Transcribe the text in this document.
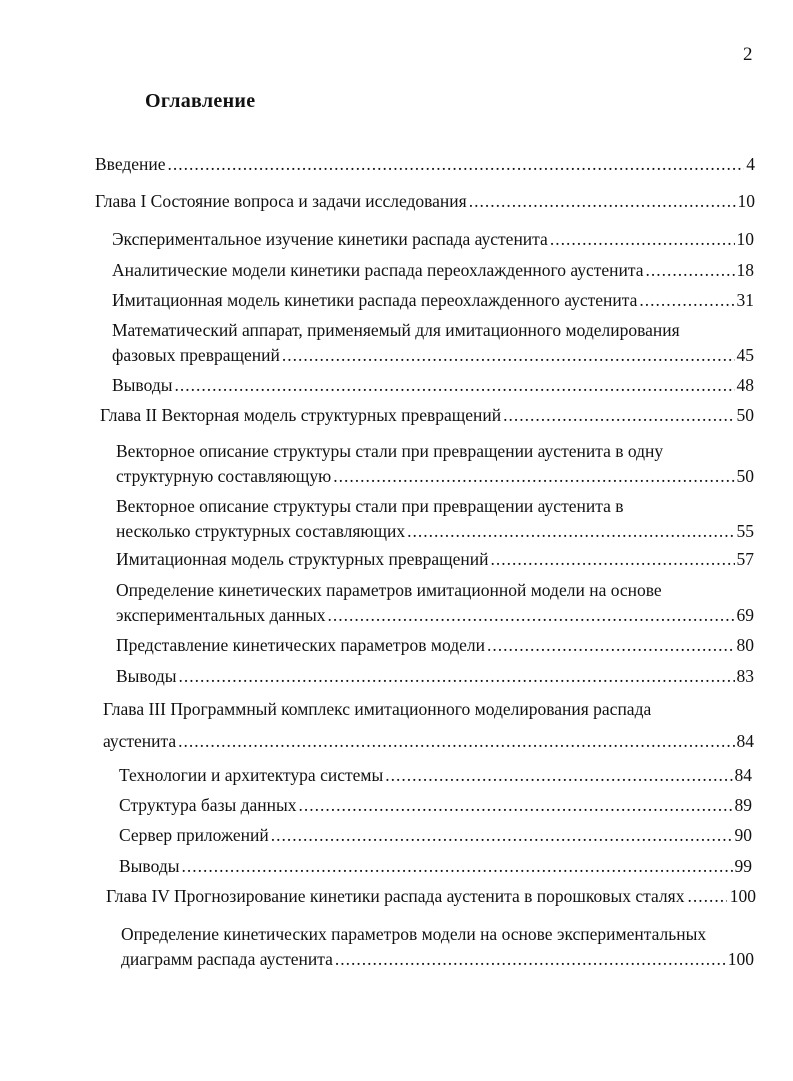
2
Оглавление
Введение .....	4
Глава I Состояние вопроса и задачи исследования .....	10
Экспериментальное изучение кинетики распада аустенита .....	10
Аналитические модели кинетики распада переохлажденного аустенита .....	18
Имитационная модель кинетики распада переохлажденного аустенита .....	31
Математический аппарат, применяемый для имитационного моделирования
фазовых превращений .....	45
Выводы .....	48
Глава II Векторная модель структурных превращений .....	50
Векторное описание структуры стали при превращении аустенита в одну
структурную составляющую .....	50
Векторное описание структуры стали при превращении аустенита в
несколько структурных составляющих .....	55
Имитационная модель структурных превращений .....	57
Определение кинетических параметров имитационной модели на основе
экспериментальных данных .....	69
Представление кинетических параметров модели .....	80
Выводы .....	83
Глава III Программный комплекс имитационного моделирования распада
аустенита .....	84
Технологии и архитектура системы .....	84
Структура базы данных .....	89
Сервер приложений .....	90
Выводы .....	99
Глава IV Прогнозирование кинетики распада аустенита в порошковых сталях .....	100
Определение кинетических параметров модели на основе экспериментальных
диаграмм распада аустенита .....	100
